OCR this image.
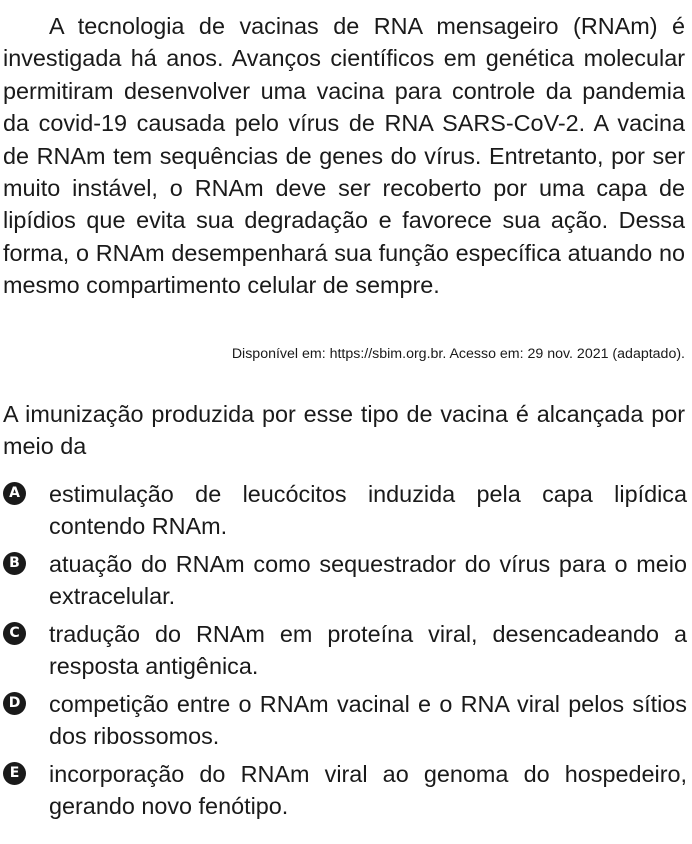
A tecnologia de vacinas de RNA mensageiro (RNAm) é investigada há anos. Avanços científicos em genética molecular permitiram desenvolver uma vacina para controle da pandemia da covid-19 causada pelo vírus de RNA SARS-CoV-2. A vacina de RNAm tem sequências de genes do vírus. Entretanto, por ser muito instável, o RNAm deve ser recoberto por uma capa de lipídios que evita sua degradação e favorece sua ação. Dessa forma, o RNAm desempenhará sua função específica atuando no mesmo compartimento celular de sempre.

Disponível em: https://sbim.org.br. Acesso em: 29 nov. 2021 (adaptado).

A imunização produzida por esse tipo de vacina é alcançada por meio da

A estimulação de leucócitos induzida pela capa lipídica contendo RNAm.
B atuação do RNAm como sequestrador do vírus para o meio extracelular.
C tradução do RNAm em proteína viral, desencadeando a resposta antigênica.
D competição entre o RNAm vacinal e o RNA viral pelos sítios dos ribossomos.
E incorporação do RNAm viral ao genoma do hospedeiro, gerando novo fenótipo.
